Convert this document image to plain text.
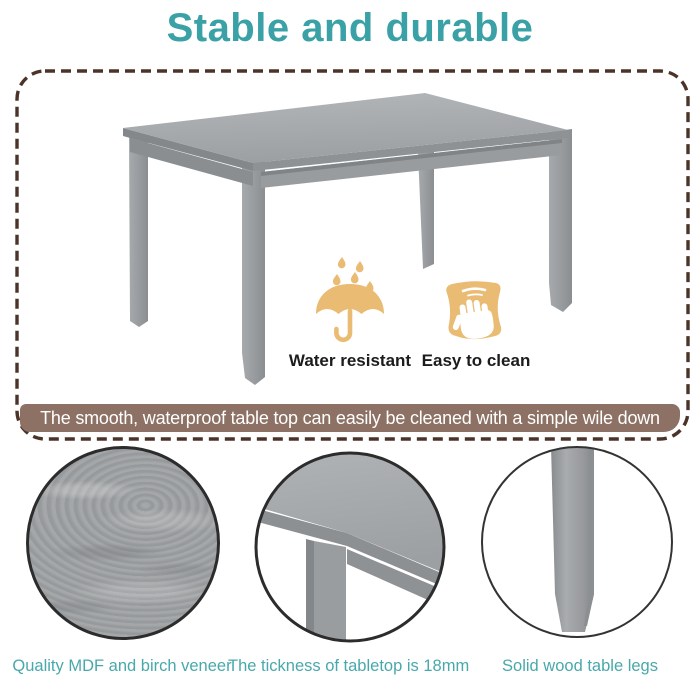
Stable and durable
Water resistant Easy to clean
The smooth, waterproof table top can easily be cleaned with a simple wile down
Quality MDF and birch veneer
The tickness of tabletop is 18mm	Solid wood table legs
